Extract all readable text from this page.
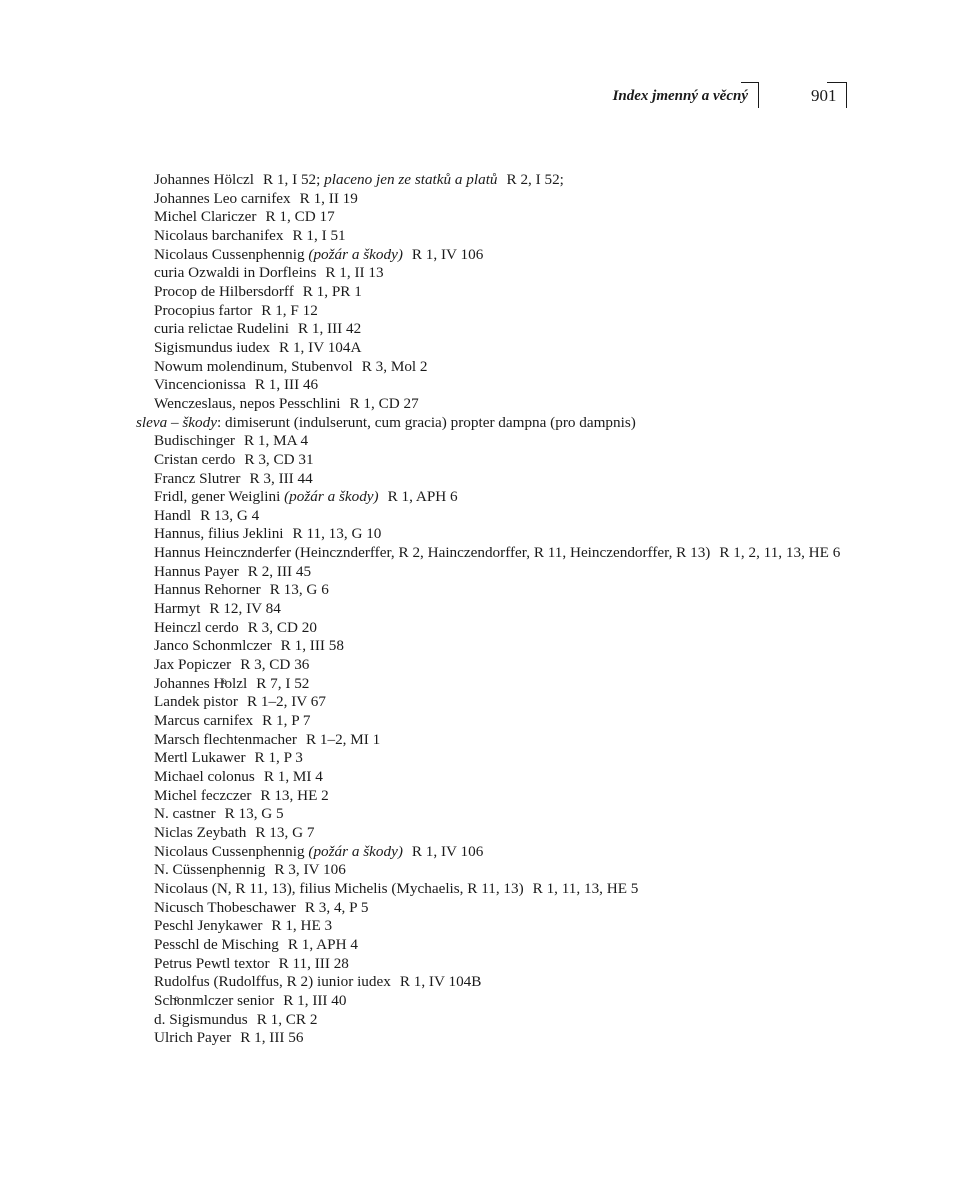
Index jmenný a věcný	901
Johannes Hölczl R 1, I 52; placeno jen ze statků a platů R 2, I 52;
Johannes Leo carnifex R 1, II 19
Michel Clariczer R 1, CD 17
Nicolaus barchanifex R 1, I 51
Nicolaus Cussenphennig (požár a škody) R 1, IV 106
curia Ozwaldi in Dorfleins R 1, II 13
Procop de Hilbersdorff R 1, PR 1
Procopius fartor R 1, F 12
curia relictae Rudelini R 1, III 42
Sigismundus iudex R 1, IV 104A
Nowum molendinum, Stubenvol R 3, Mol 2
Vincencionissa R 1, III 46
Wenczeslaus, nepos Pesschlini R 1, CD 27
sleva – škody: dimiserunt (indulserunt, cum gracia) propter dampna (pro dampnis)
Budischinger R 1, MA 4
Cristan cerdo R 3, CD 31
Francz Slutrer R 3, III 44
Fridl, gener Weiglini (požár a škody) R 1, APH 6
Handl R 13, G 4
Hannus, filius Jeklini R 11, 13, G 10
Hannus Heincznderfer (Heincznderffer, R 2, Hainczendorffer, R 11, Heinczendorffer, R 13) R 1, 2, 11, 13, HE 6
Hannus Payer R 2, III 45
Hannus Rehorner R 13, G 6
Harmyt R 12, IV 84
Heinczl cerdo R 3, CD 20
Janco Schonmlczer R 1, III 58
Jax Popiczer R 3, CD 36
Johannes Hͤolzl R 7, I 52
Landek pistor R 1–2, IV 67
Marcus carnifex R 1, P 7
Marsch flechtenmacher R 1–2, MI 1
Mertl Lukawer R 1, P 3
Michael colonus R 1, MI 4
Michel feczczer R 13, HE 2
N. castner R 13, G 5
Niclas Zeybath R 13, G 7
Nicolaus Cussenphennig (požár a škody) R 1, IV 106
N. Cüssenphennig R 3, IV 106
Nicolaus (N, R 11, 13), filius Michelis (Mychaelis, R 11, 13) R 1, 11, 13, HE 5
Nicusch Thobeschawer R 3, 4, P 5
Peschl Jenykawer R 1, HE 3
Pesschl de Misching R 1, APH 4
Petrus Pewtl textor R 11, III 28
Rudolfus (Rudolffus, R 2) iunior iudex R 1, IV 104B
Schͤonmlczer senior R 1, III 40
d. Sigismundus R 1, CR 2
Ulrich Payer R 1, III 56
